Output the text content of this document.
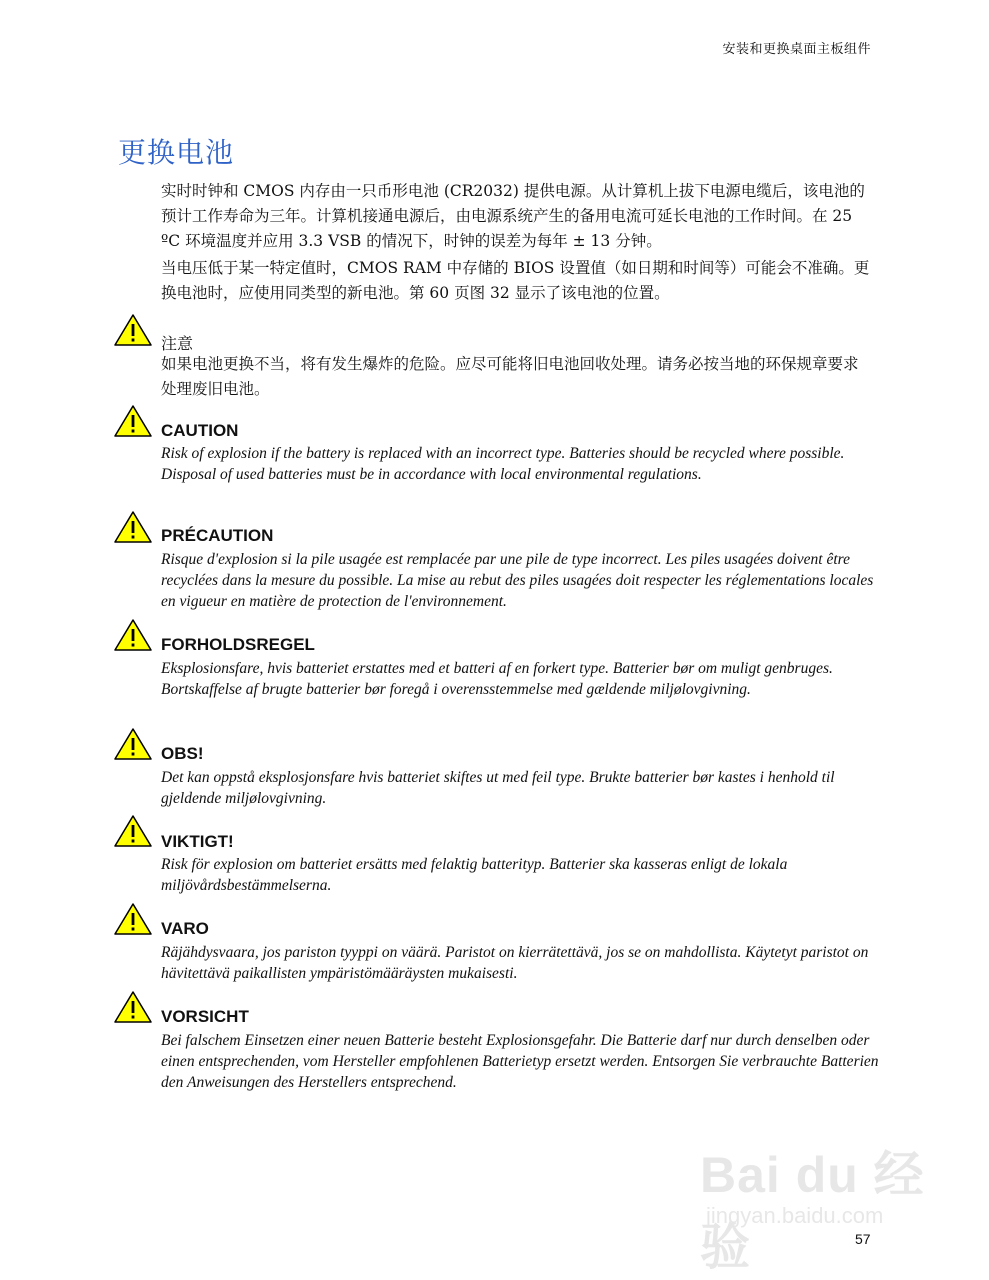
安装和更换桌面主板组件
更换电池

实时时钟和 CMOS 内存由一只币形电池 (CR2032) 提供电源。从计算机上拔下电源电缆后，该电池的预计工作寿命为三年。计算机接通电源后，由电源系统产生的备用电流可延长电池的工作时间。在 25 ºC 环境温度并应用 3.3 VSB 的情况下，时钟的误差为每年 ± 13 分钟。

当电压低于某一特定值时，CMOS RAM 中存储的 BIOS 设置值（如日期和时间等）可能会不准确。更换电池时，应使用同类型的新电池。第 60 页图 32 显示了该电池的位置。

注意
如果电池更换不当，将有发生爆炸的危险。应尽可能将旧电池回收处理。请务必按当地的环保规章要求处理废旧电池。
CAUTION
Risk of explosion if the battery is replaced with an incorrect type. Batteries should be recycled where possible. Disposal of used batteries must be in accordance with local environmental regulations.
PRÉCAUTION
Risque d'explosion si la pile usagée est remplacée par une pile de type incorrect. Les piles usagées doivent être recyclées dans la mesure du possible. La mise au rebut des piles usagées doit respecter les réglementations locales en vigueur en matière de protection de l'environnement.
FORHOLDSREGEL
Eksplosionsfare, hvis batteriet erstattes med et batteri af en forkert type. Batterier bør om muligt genbruges. Bortskaffelse af brugte batterier bør foregå i overensstemmelse med gældende miljølovgivning.
OBS!
Det kan oppstå eksplosjonsfare hvis batteriet skiftes ut med feil type. Brukte batterier bør kastes i henhold til gjeldende miljølovgivning.
VIKTIGT!
Risk för explosion om batteriet ersätts med felaktig batterityp. Batterier ska kasseras enligt de lokala miljövårdsbestämmelserna.
VARO
Räjähdysvaara, jos pariston tyyppi on väärä. Paristot on kierrätettävä, jos se on mahdollista. Käytetyt paristot on hävitettävä paikallisten ympäristömääräysten mukaisesti.
VORSICHT
Bei falschem Einsetzen einer neuen Batterie besteht Explosionsgefahr. Die Batterie darf nur durch denselben oder einen entsprechenden, vom Hersteller empfohlenen Batterietyp ersetzt werden. Entsorgen Sie verbrauchte Batterien den Anweisungen des Herstellers entsprechend.
Bai du 经验
jingyan.baidu.com
57
